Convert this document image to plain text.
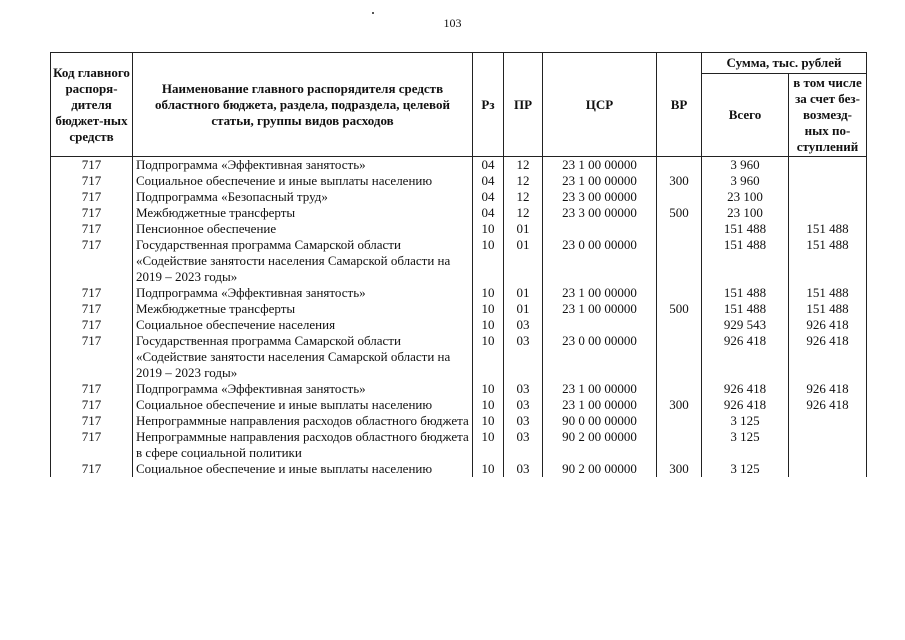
103
Код главного распоря-дителя бюджет-ных средств	Наименование главного распорядителя средств областного бюджета, раздела, подраздела, целевой статьи, группы видов расходов	Рз	ПР	ЦСР	ВР	Сумма, тыс. рублей	
						Всего	в том числе за счет без-возмезд-ных по-ступлений
717	Подпрограмма «Эффективная занятость»	04	12	23 1 00 00000		3 960	
717	Социальное обеспечение и иные выплаты населению	04	12	23 1 00 00000	300	3 960	
717	Подпрограмма «Безопасный труд»	04	12	23 3 00 00000		23 100	
717	Межбюджетные трансферты	04	12	23 3 00 00000	500	23 100	
717	Пенсионное обеспечение	10	01			151 488	151 488
717	Государственная программа Самарской области «Содействие занятости населения Самарской области на 2019 – 2023 годы»	10	01	23 0 00 00000		151 488	151 488
717	Подпрограмма «Эффективная занятость»	10	01	23 1 00 00000		151 488	151 488
717	Межбюджетные трансферты	10	01	23 1 00 00000	500	151 488	151 488
717	Социальное обеспечение населения	10	03			929 543	926 418
717	Государственная программа Самарской области «Содействие занятости населения Самарской области на 2019 – 2023 годы»	10	03	23 0 00 00000		926 418	926 418
717	Подпрограмма «Эффективная занятость»	10	03	23 1 00 00000		926 418	926 418
717	Социальное обеспечение и иные выплаты населению	10	03	23 1 00 00000	300	926 418	926 418
717	Непрограммные направления расходов областного бюджета	10	03	90 0 00 00000		3 125	
717	Непрограммные направления расходов областного бюджета в сфере социальной политики	10	03	90 2 00 00000		3 125	
717	Социальное обеспечение и иные выплаты населению	10	03	90 2 00 00000	300	3 125	
